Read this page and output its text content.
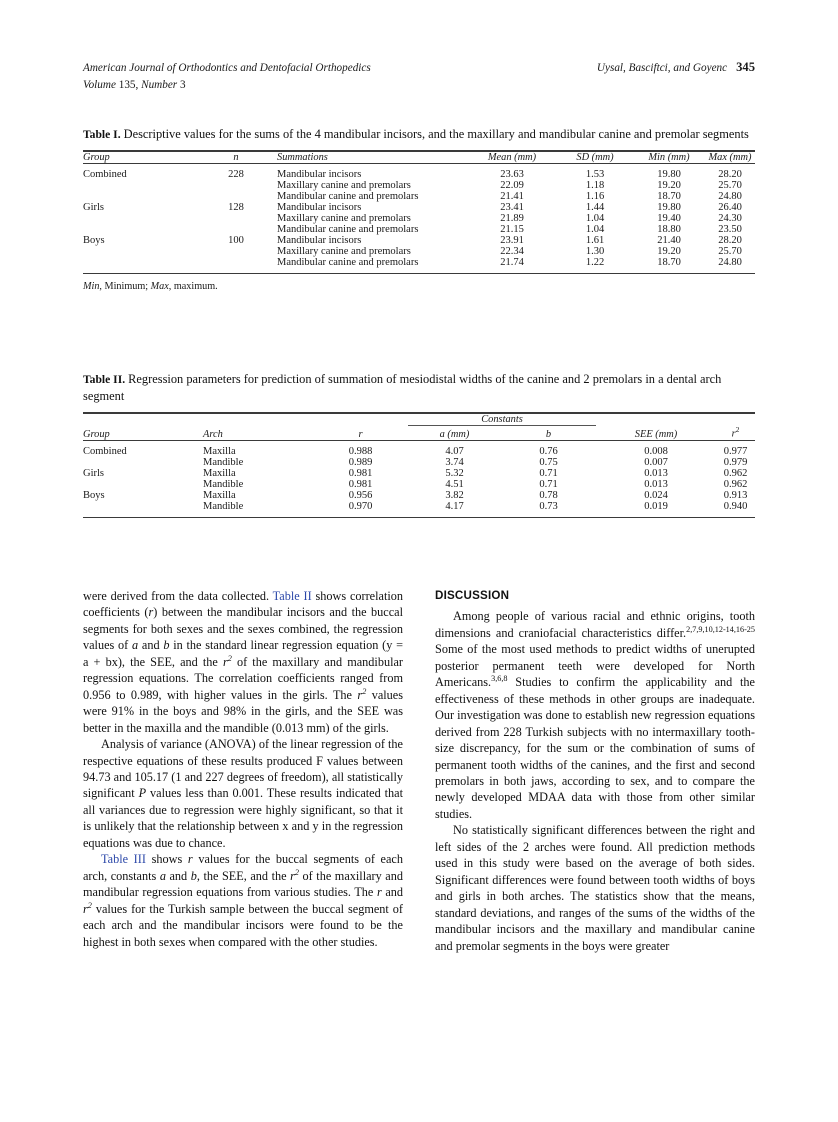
American Journal of Orthodontics and Dentofacial Orthopedics	Uysal, Basciftci, and Goyenc 345
Volume 135, Number 3
Table I. Descriptive values for the sums of the 4 mandibular incisors, and the maxillary and mandibular canine and premolar segments
Group	n	Summations	Mean (mm)	SD (mm)	Min (mm)	Max (mm)
Combined	228	Mandibular incisors	23.63	1.53	19.80	28.20
		Maxillary canine and premolars	22.09	1.18	19.20	25.70
		Mandibular canine and premolars	21.41	1.16	18.70	24.80
Girls	128	Mandibular incisors	23.41	1.44	19.80	26.40
		Maxillary canine and premolars	21.89	1.04	19.40	24.30
		Mandibular canine and premolars	21.15	1.04	18.80	23.50
Boys	100	Mandibular incisors	23.91	1.61	21.40	28.20
		Maxillary canine and premolars	22.34	1.30	19.20	25.70
		Mandibular canine and premolars	21.74	1.22	18.70	24.80
Min, Minimum; Max, maximum.
Table II. Regression parameters for prediction of summation of mesiodistal widths of the canine and 2 premolars in a dental arch segment
			Constants			
Group	Arch	r	a (mm)	b	SEE (mm)	$r^2$
Combined	Maxilla	0.988	4.07	0.76	0.008	0.977
	Mandible	0.989	3.74	0.75	0.007	0.979
Girls	Maxilla	0.981	5.32	0.71	0.013	0.962
	Mandible	0.981	4.51	0.71	0.013	0.962
Boys	Maxilla	0.956	3.82	0.78	0.024	0.913
	Mandible	0.970	4.17	0.73	0.019	0.940

were derived from the data collected. Table II shows correlation coefficients (r) between the mandibular incisors and the buccal segments for both sexes and the sexes combined, the regression values of a and b in the standard linear regression equation (y = a + bx), the SEE, and the $r^2$ of the maxillary and mandibular regression equations. The correlation coefficients ranged from 0.956 to 0.989, with higher values in the girls. The $r^2$ values were 91% in the boys and 98% in the girls, and the SEE was better in the maxilla and the mandible (0.013 mm) of the girls.

Analysis of variance (ANOVA) of the linear regression of the respective equations of these results produced F values between 94.73 and 105.17 (1 and 227 degrees of freedom), all statistically significant P values less than 0.001. These results indicated that all variances due to regression were highly significant, so that it is unlikely that the relationship between x and y in the regression equations was due to chance.

Table III shows r values for the buccal segments of each arch, constants a and b, the SEE, and the $r^2$ of the maxillary and mandibular regression equations from various studies. The r and $r^2$ values for the Turkish sample between the buccal segment of each arch and the mandibular incisors were found to be the highest in both sexes when compared with the other studies.

DISCUSSION

Among people of various racial and ethnic origins, tooth dimensions and craniofacial characteristics differ.$^{2,7,9,10,12-14,16-25}$ Some of the most used methods to predict widths of unerupted posterior permanent teeth were developed for North Americans.$^{3,6,8}$ Studies to confirm the applicability and the effectiveness of these methods in other groups are inadequate. Our investigation was done to establish new regression equations derived from 228 Turkish subjects with no intermaxillary tooth-size discrepancy, for the sum or the combination of sums of permanent tooth widths of the canines, and the first and second premolars in both jaws, according to sex, and to compare the newly developed MDAA data with those from other similar studies.

No statistically significant differences between the right and left sides of the 2 arches were found. All prediction methods used in this study were based on the average of both sides. Significant differences were found between tooth widths of boys and girls in both arches. The statistics show that the means, standard deviations, and ranges of the sums of the widths of the mandibular incisors and the maxillary and mandibular canine and premolar segments in the boys were greater
